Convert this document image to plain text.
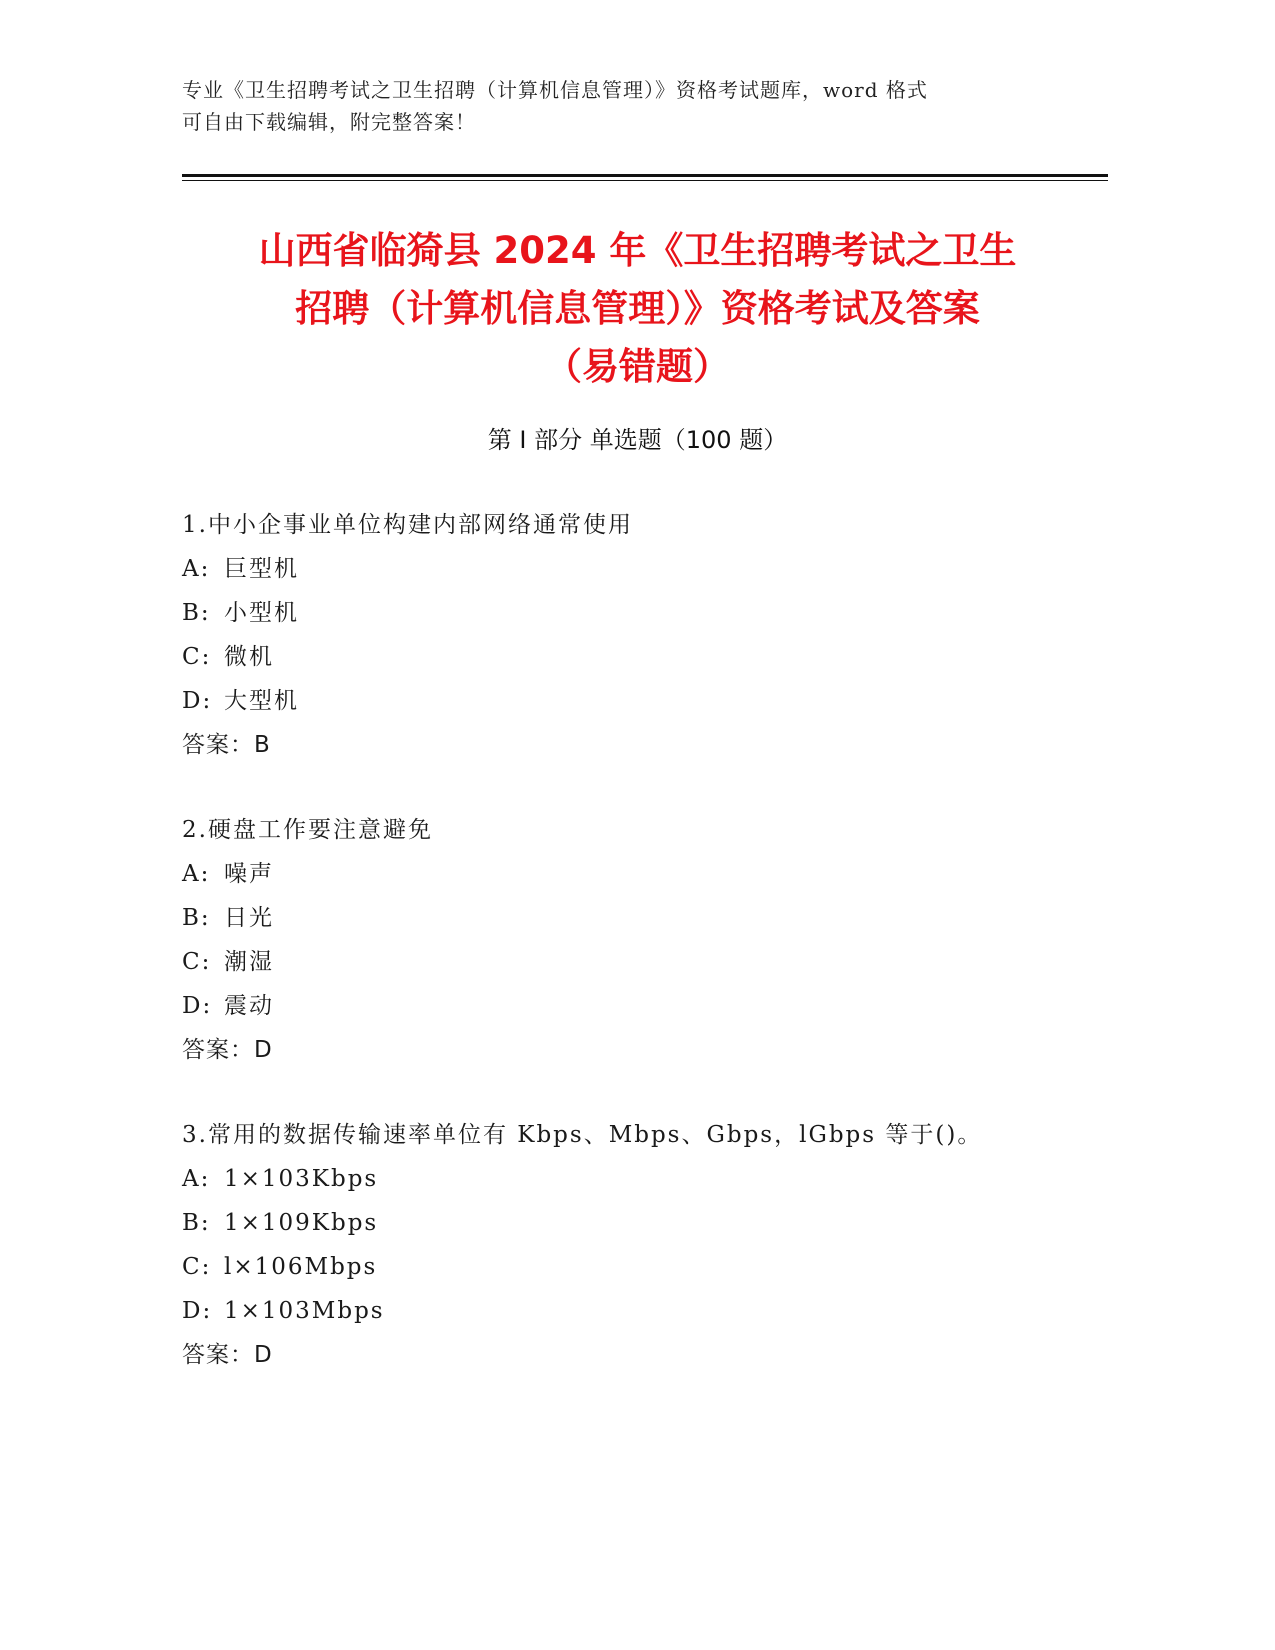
专业《卫生招聘考试之卫生招聘（计算机信息管理）》资格考试题库，word 格式
可自由下载编辑，附完整答案！
山西省临猗县 2024 年《卫生招聘考试之卫生
招聘（计算机信息管理）》资格考试及答案
（易错题）
第 I 部分 单选题（100 题）
1.中小企事业单位构建内部网络通常使用
A: 巨型机
B: 小型机
C: 微机
D: 大型机
答案：B
2.硬盘工作要注意避免
A: 噪声
B: 日光
C: 潮湿
D: 震动
答案：D
3.常用的数据传输速率单位有 Kbps、Mbps、Gbps，lGbps 等于()。
A: 1×103Kbps
B: 1×109Kbps
C: l×106Mbps
D: 1×103Mbps
答案：D
